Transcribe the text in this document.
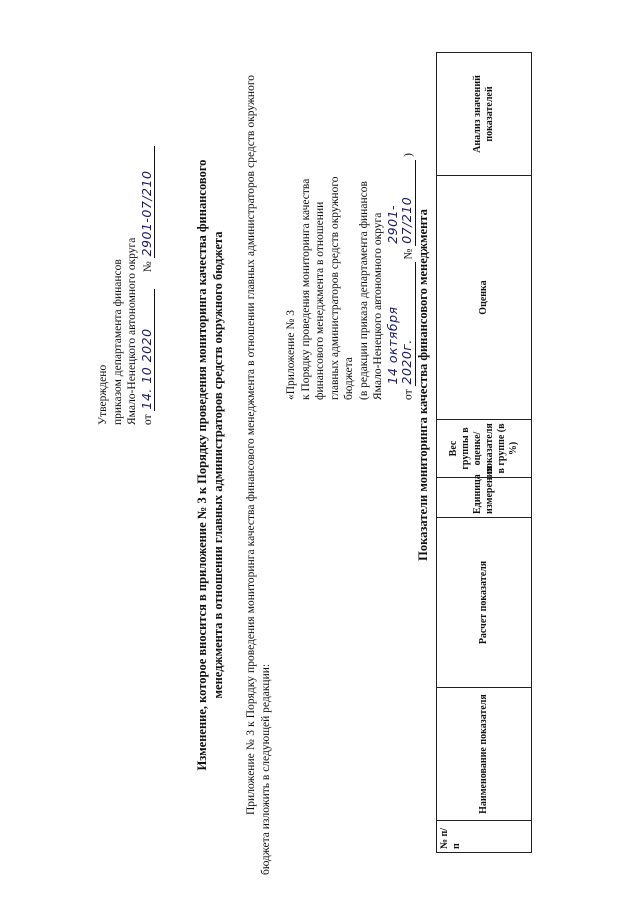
Утверждено приказом департамента финансов Ямало-Ненецкого автономного округа от 14. 10 2020      № 2901-07/210	Изменение, которое вносится в приложение № 3 к Порядку проведения мониторинга качества финансового менеджмента в отношении главных администраторов средств окружного бюджета Приложение № 3 к Порядку проведения мониторинга качества финансового менеджмента в отношении главных администраторов средств окружного бюджета изложить в следующей редакции:

«Приложение № 3 к Порядку проведения мониторинга качества финансового менеджмента в отношении главных администраторов средств окружного бюджета (в редакции приказа департамента финансов Ямало-Ненецкого автономного округа	от 14 октября 2020г. № 2901-07/210 )
Показатели мониторинга качества финансового менеджмента
№ п/п	Наименование показателя	Расчет показателя	Единица измерения	Вес группы в оценке/ показателя в группе (в %)	Оценка	Анализ значений показателей
